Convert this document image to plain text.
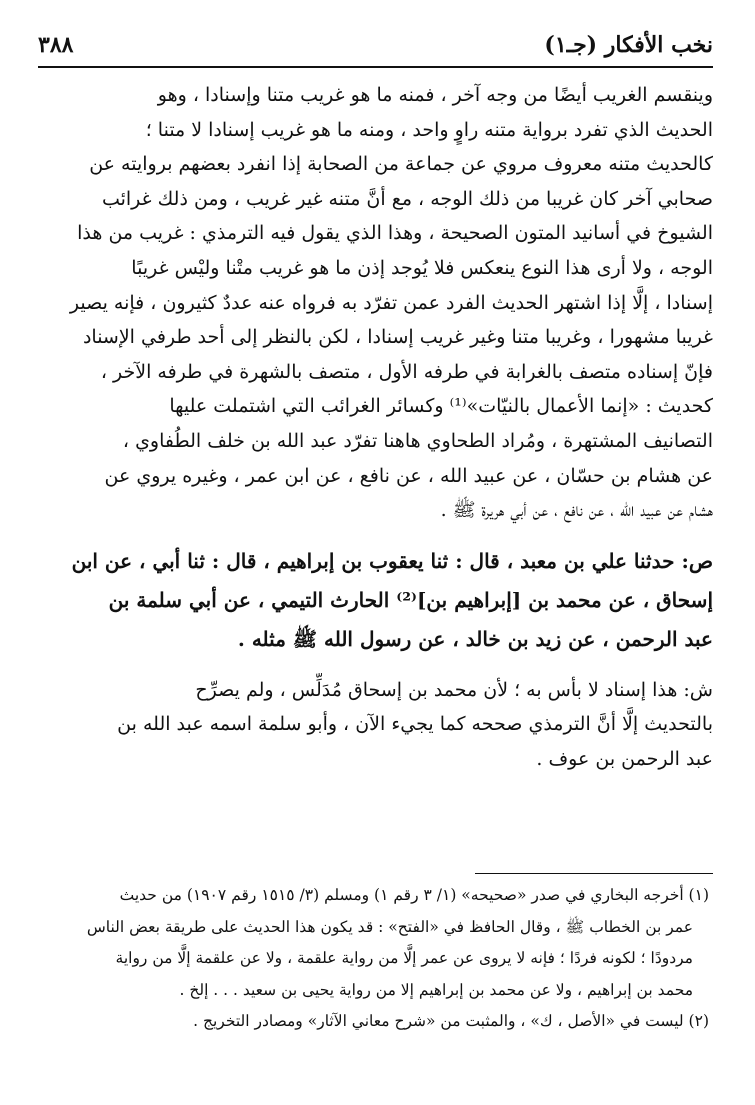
نخب الأفكار (جـ١)
٣٨٨
وينقسم الغريب أيضًا من وجه آخر ، فمنه ما هو غريب متنا وإسنادا ، وهو
الحديث الذي تفرد برواية متنه راوٍ واحد ، ومنه ما هو غريب إسنادا لا متنا ؛
كالحديث متنه معروف مروي عن جماعة من الصحابة إذا انفرد بعضهم بروايته عن
صحابي آخر كان غريبا من ذلك الوجه ، مع أنَّ متنه غير غريب ، ومن ذلك غرائب
الشيوخ في أسانيد المتون الصحيحة ، وهذا الذي يقول فيه الترمذي : غريب من هذا
الوجه ، ولا أرى هذا النوع ينعكس فلا يُوجد إذن ما هو غريب متْنا وليْس غريبًا
إسنادا ، إلَّا إذا اشتهر الحديث الفرد عمن تفرّد به فرواه عنه عددٌ كثيرون ، فإنه يصير
غريبا مشهورا ، وغريبا متنا وغير غريب إسنادا ، لكن بالنظر إلى أحد طرفي الإسناد
فإنّ إسناده متصف بالغرابة في طرفه الأول ، متصف بالشهرة في طرفه الآخر ،
كحديث : «إنما الأعمال بالنيّات»⁽¹⁾ وكسائر الغرائب التي اشتملت عليها
التصانيف المشتهرة ، ومُراد الطحاوي هاهنا تفرّد عبد الله بن خلف الطُفاوي ،
عن هشام بن حسّان ، عن عبيد الله ، عن نافع ، عن ابن عمر ، وغيره يروي عن
هشام عن عبيد الله ، عن نافع ، عن أبي هريرة ﷺ .
ص: حدثنا علي بن معبد ، قال : ثنا يعقوب بن إبراهيم ، قال : ثنا أبي ، عن ابن
إسحاق ، عن محمد بن [إبراهيم بن]⁽²⁾ الحارث التيمي ، عن أبي سلمة بن
عبد الرحمن ، عن زيد بن خالد ، عن رسول الله ﷺ مثله .
ش: هذا إسناد لا بأس به ؛ لأن محمد بن إسحاق مُدَلِّس ، ولم يصرِّح
بالتحديث إلَّا أنَّ الترمذي صححه كما يجيء الآن ، وأبو سلمة اسمه عبد الله بن
عبد الرحمن بن عوف .
(١) أخرجه البخاري في صدر «صحيحه» (١/ ٣ رقم ١) ومسلم (٣/ ١٥١٥ رقم ١٩٠٧) من حديث
عمر بن الخطاب ﷺ ، وقال الحافظ في «الفتح» : قد يكون هذا الحديث على طريقة بعض الناس
مردودًا ؛ لكونه فردًا ؛ فإنه لا يروى عن عمر إلَّا من رواية علقمة ، ولا عن علقمة إلَّا من رواية
محمد بن إبراهيم ، ولا عن محمد بن إبراهيم إلا من رواية يحيى بن سعيد . . . إلخ .
(٢) ليست في «الأصل ، ك» ، والمثبت من «شرح معاني الآثار» ومصادر التخريج .
